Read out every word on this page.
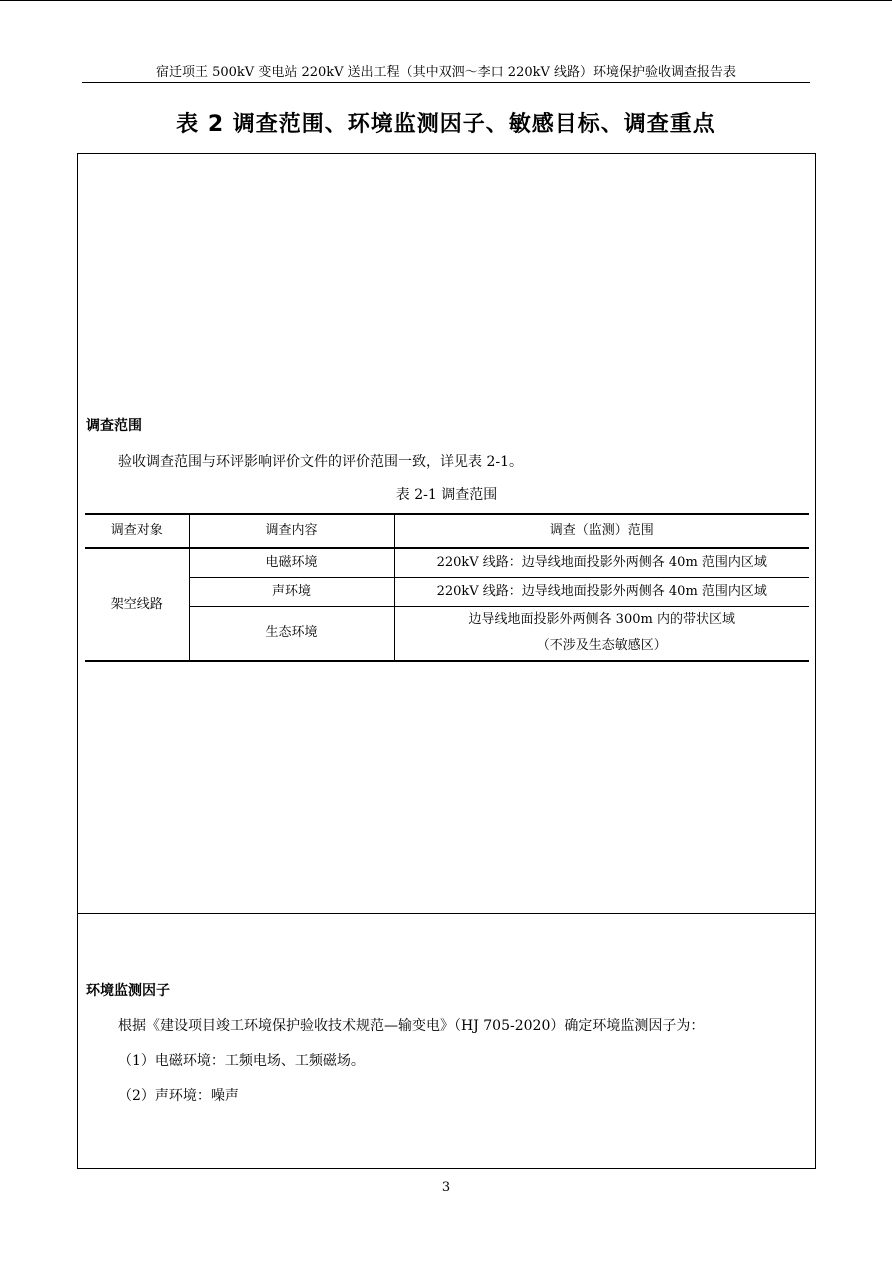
宿迁项王 500kV 变电站 220kV 送出工程（其中双泗～李口 220kV 线路）环境保护验收调查报告表
表 2 调查范围、环境监测因子、敏感目标、调查重点
调查范围
验收调查范围与环评影响评价文件的评价范围一致，详见表 2-1。
表 2-1 调查范围
调查对象	调查内容	调查（监测）范围
架空线路	电磁环境	220kV 线路：边导线地面投影外两侧各 40m 范围内区域
	声环境	220kV 线路：边导线地面投影外两侧各 40m 范围内区域
	生态环境	边导线地面投影外两侧各 300m 内的带状区域
（不涉及生态敏感区）
环境监测因子
根据《建设项目竣工环境保护验收技术规范—输变电》（HJ 705-2020）确定环境监测因子为：
（1）电磁环境：工频电场、工频磁场。
（2）声环境：噪声
3
